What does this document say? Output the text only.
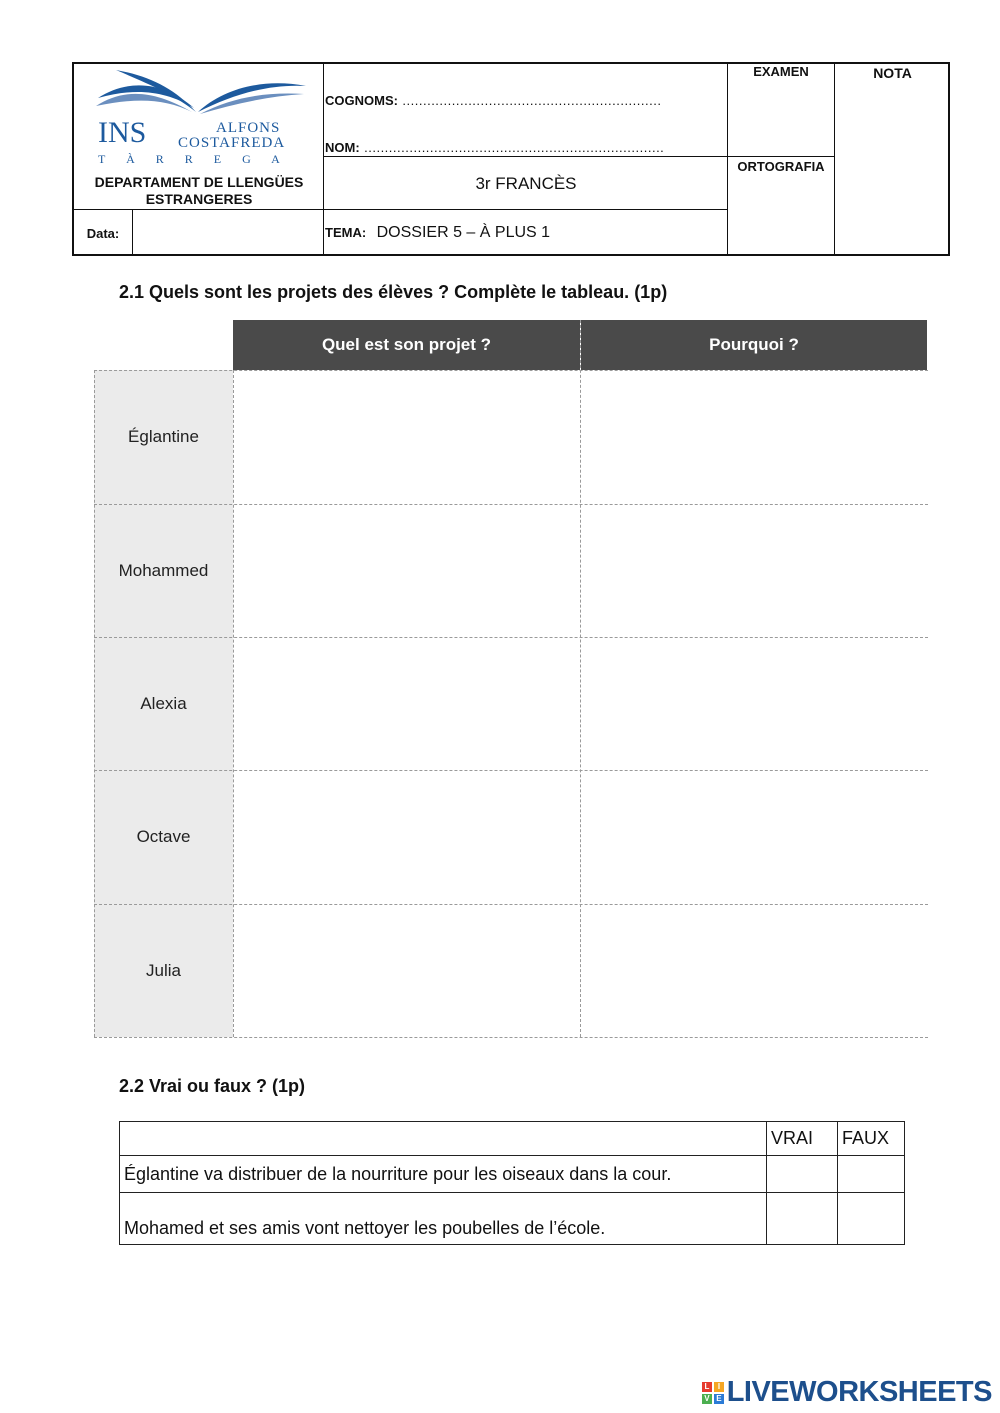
INS	ALFONS
COSTAFREDA
T À R R E G A
DEPARTAMENT DE LLENGÜES ESTRANGERES
COGNOMS: ...............................................................
NOM: .........................................................................
3r FRANCÈS
EXAMEN
ORTOGRAFIA
NOTA
Data:	TEMA: DOSSIER 5 – À PLUS 1
2.1 Quels sont les projets des élèves ? Complète le tableau. (1p)
Quel est son projet ?	Pourquoi ?
Églantine
Mohammed
Alexia
Octave
Julia
2.2 Vrai ou faux ? (1p)
	VRAI	FAUX
Églantine va distribuer de la nourriture pour les oiseaux dans la cour.		
Mohamed et ses amis vont nettoyer les poubelles de l’école.		
L	I
V E LIVEWORKSHEETS
